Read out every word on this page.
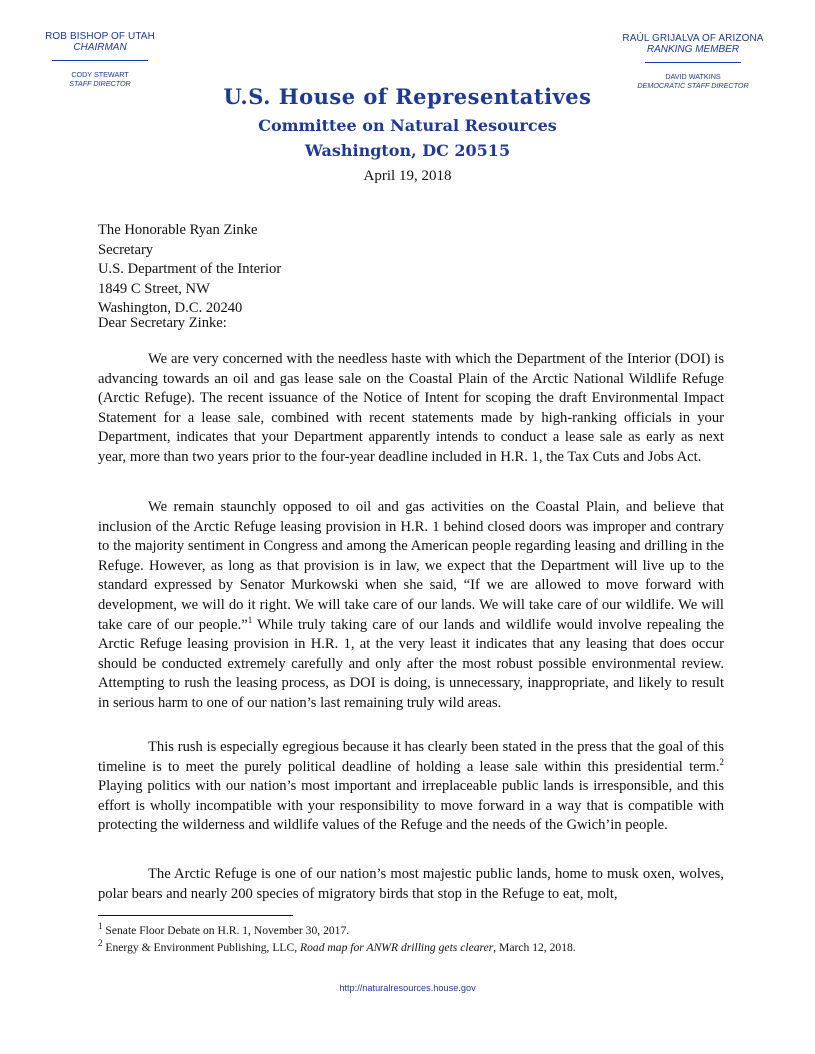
ROB BISHOP OF UTAH
CHAIRMAN
CODY STEWART
STAFF DIRECTOR
RAÚL GRIJALVA OF ARIZONA
RANKING MEMBER
DAVID WATKINS
DEMOCRATIC STAFF DIRECTOR
U.S. House of Representatives
Committee on Natural Resources
Washington, DC 20515
April 19, 2018
The Honorable Ryan Zinke
Secretary
U.S. Department of the Interior
1849 C Street, NW
Washington, D.C. 20240
Dear Secretary Zinke:
We are very concerned with the needless haste with which the Department of the Interior (DOI) is advancing towards an oil and gas lease sale on the Coastal Plain of the Arctic National Wildlife Refuge (Arctic Refuge). The recent issuance of the Notice of Intent for scoping the draft Environmental Impact Statement for a lease sale, combined with recent statements made by high-ranking officials in your Department, indicates that your Department apparently intends to conduct a lease sale as early as next year, more than two years prior to the four-year deadline included in H.R. 1, the Tax Cuts and Jobs Act.
We remain staunchly opposed to oil and gas activities on the Coastal Plain, and believe that inclusion of the Arctic Refuge leasing provision in H.R. 1 behind closed doors was improper and contrary to the majority sentiment in Congress and among the American people regarding leasing and drilling in the Refuge. However, as long as that provision is in law, we expect that the Department will live up to the standard expressed by Senator Murkowski when she said, “If we are allowed to move forward with development, we will do it right. We will take care of our lands. We will take care of our wildlife. We will take care of our people.”$^1$ While truly taking care of our lands and wildlife would involve repealing the Arctic Refuge leasing provision in H.R. 1, at the very least it indicates that any leasing that does occur should be conducted extremely carefully and only after the most robust possible environmental review. Attempting to rush the leasing process, as DOI is doing, is unnecessary, inappropriate, and likely to result in serious harm to one of our nation’s last remaining truly wild areas.
This rush is especially egregious because it has clearly been stated in the press that the goal of this timeline is to meet the purely political deadline of holding a lease sale within this presidential term.$^2$ Playing politics with our nation’s most important and irreplaceable public lands is irresponsible, and this effort is wholly incompatible with your responsibility to move forward in a way that is compatible with protecting the wilderness and wildlife values of the Refuge and the needs of the Gwich’in people.
The Arctic Refuge is one of our nation’s most majestic public lands, home to musk oxen, wolves, polar bears and nearly 200 species of migratory birds that stop in the Refuge to eat, molt,
$^1$ Senate Floor Debate on H.R. 1, November 30, 2017.
$^2$ Energy & Environment Publishing, LLC, Road map for ANWR drilling gets clearer, March 12, 2018.
http://naturalresources.house.gov
